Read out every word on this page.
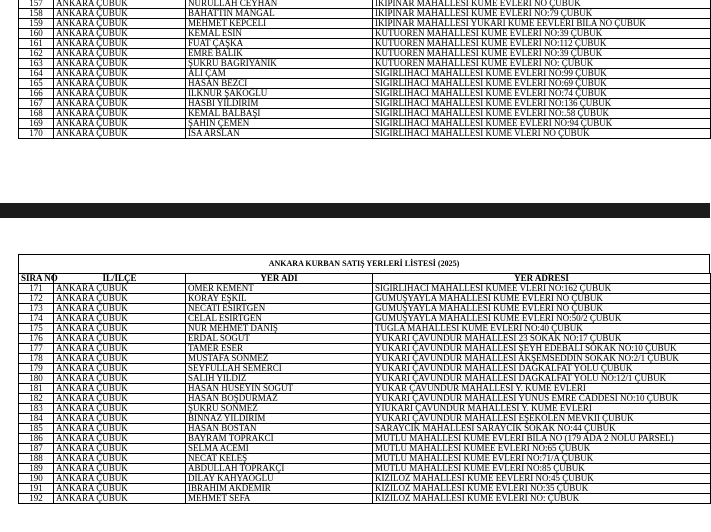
157	ANKARA ÇUBUK	NURULLAH CEYHAN	İKİPINAR MAHALLESİ KÜME EVLERİ NO ÇUBUK
158	ANKARA ÇUBUK	BAHATTİN MANGAL	İKİPINAR MAHALLESİ KÜME EVLERİ NO:79 ÇUBUK
159	ANKARA ÇUBUK	MEHMET KEPCELİ	İKİPINAR MAHALLESİ YUKARI KÜME EEVLERİ BİLA NO ÇUBUK
160	ANKARA ÇUBUK	KEMAL ESİN	KUTUÖREN MAHALLESİ KÜME EVLERİ NO:39 ÇUBUK
161	ANKARA ÇUBUK	FUAT ÇAŞKA	KUTUÖREN MAHALLESİ KÜME EVLERİ NO:112 ÇUBUK
162	ANKARA ÇUBUK	EMRE BALIK	KUTUÖREN MAHALLESİ KÜME EVLERİ NO:39 ÇUBUK
163	ANKARA ÇUBUK	ŞÜKRÜ BAĞRIYANIK	KUTUÖREN MAHALLESİ KÜME EVLERİ NO: ÇUBUK
164	ANKARA ÇUBUK	ALİ ÇAM	SIĞIRLIHACI MAHALLESİ KÜME EVLERİ NO:99 ÇUBUK
165	ANKARA ÇUBUK	HASAN BEZCİ	SIĞIRLIHACI MAHALLESİ KÜME EVLERİ NO:69 ÇUBUK
166	ANKARA ÇUBUK	İLKNUR ŞAKOĞLU	SIĞIRLIHACI MAHALLESİ KÜME EVLERİ NO:74 ÇUBUK
167	ANKARA ÇUBUK	HASBİ YILDIRIM	SIĞIRLIHACI MAHALLESİ KÜME EVLERİ NO:136 ÇUBUK
168	ANKARA ÇUBUK	KEMAL BALBAŞI	SIĞIRLIHACI MAHALLESİ KÜME EVLERİ NO:.58 ÇUBUK
169	ANKARA ÇUBUK	ŞAHİN ÇEMEN	SIĞIRLIHACI MAHALLESİ KÜMEE EVLERİ NO:94 ÇUBUK
170	ANKARA ÇUBUK	İSA ARSLAN	SIĞIRLIHACI MAHALLESİ KÜME VLERİ NO ÇUBUK
ANKARA KURBAN SATIŞ YERLERİ LİSTESİ (2025)
SIRA NO	İL/İLÇE	YER ADI	YER ADRESİ
171	ANKARA ÇUBUK	ÖMER KEMENT	SIĞIRLIHACI MAHALLESİ KÜMEE VLERİ NO:162 ÇUBUK
172	ANKARA ÇUBUK	KORAY EŞKİL	GÜMÜŞYAYLA MAHALLESİ KÜME EVLERİ NO ÇUBUK
173	ANKARA ÇUBUK	NECATİ ESİRTGEN	GÜMÜŞYAYLA MAHALLESİ KÜME EVLERİ NO ÇUBUK
174	ANKARA ÇUBUK	CELAL ESİRTGEN	GÜMÜŞYAYLA MAHALLESİ KÜME EVLERİ NO:50/2 ÇUBUK
175	ANKARA ÇUBUK	NUR MEHMET DANIŞ	TUĞLA MAHALLESİ KÜME EVLERİ NO:40 ÇUBUK
176	ANKARA ÇUBUK	ERDAL SÖĞÜT	YUKARI ÇAVUNDUR MAHALLESİ 23 SOKAK NO:17 ÇUBUK
177	ANKARA ÇUBUK	TAMER ESER	YUKARI ÇAVUNDUR MAHALLESİ ŞEYH EDEBALİ SOKAK NO:10 ÇUBUK
178	ANKARA ÇUBUK	MUSTAFA SÖNMEZ	YUKARI ÇAVUNDUR MAHALLESİ AKŞEMSEDDİN SOKAK NO:2/1 ÇUBUK
179	ANKARA ÇUBUK	SEYFULLAH SEMERCİ	YUKARI ÇAVUNDUR MAHALLESİ DAĞKALFAT YOLU ÇUBUK
180	ANKARA ÇUBUK	SALİH YILDIZ	YUKARI ÇAVUNDUR MAHALLESİ DAĞKALFAT YOLU NO:12/1 ÇUBUK
181	ANKARA ÇUBUK	HASAN HÜSEYİN SÖĞÜT	YUKAR ÇAVUNDUR MAHALLESİ Y. KÜME EVLERİ
182	ANKARA ÇUBUK	HASAN BOŞDURMAZ	YUKARI ÇAVUNDUR MAHALLESİ YUNUS EMRE CADDESİ NO:10 ÇUBUK
183	ANKARA ÇUBUK	ŞÜKRÜ SÖNMEZ	YIUKARI ÇAVUNDUR MAHALLESİ Y. KÜME EVLERİ
184	ANKARA ÇUBUK	BİNNAZ YILDIRIM	YUKARI ÇAVUNDUR MAHALLESİ EŞEKÖLEN MEVKİİ ÇUBUK
185	ANKARA ÇUBUK	HASAN BOSTAN	SARAYCIK MAHALLESİ SARAYCIK SOKAK NO:44 ÇUBUK
186	ANKARA ÇUBUK	BAYRAM TOPRAKCI	MUTLU MAHALLESİ KÜME EVLERİ BİLA NO (179 ADA 2 NOLU PARSEL)
187	ANKARA ÇUBUK	SELMA ACEMİ	MUTLU MAHALLESİ KÜMEE EVLERİ NO:65 ÇUBUK
188	ANKARA ÇUBUK	NECAT KELEŞ	MUTLU MAHALLESİ KÜME EVLERİ NO:71/A ÇUBUK
189	ANKARA ÇUBUK	ABDULLAH TOPRAKÇI	MUTLU MAHALLESİ KÜME EVLERİ NO:85 ÇUBUK
190	ANKARA ÇUBUK	DİLAY KAHYAOĞLU	KIZILÖZ MAHALLESİ KÜME EEVLERİ NO:45 ÇUBUK
191	ANKARA ÇUBUK	İBRAHİM AKDEMİR	KIZILÖZ MAHALLESİ KÜME EVLERİ NO:35 ÇUBUK
192	ANKARA ÇUBUK	MEHMET SEFA	KIZILÖZ MAHALLESİ KÜME EVLERİ NO: ÇUBUK
